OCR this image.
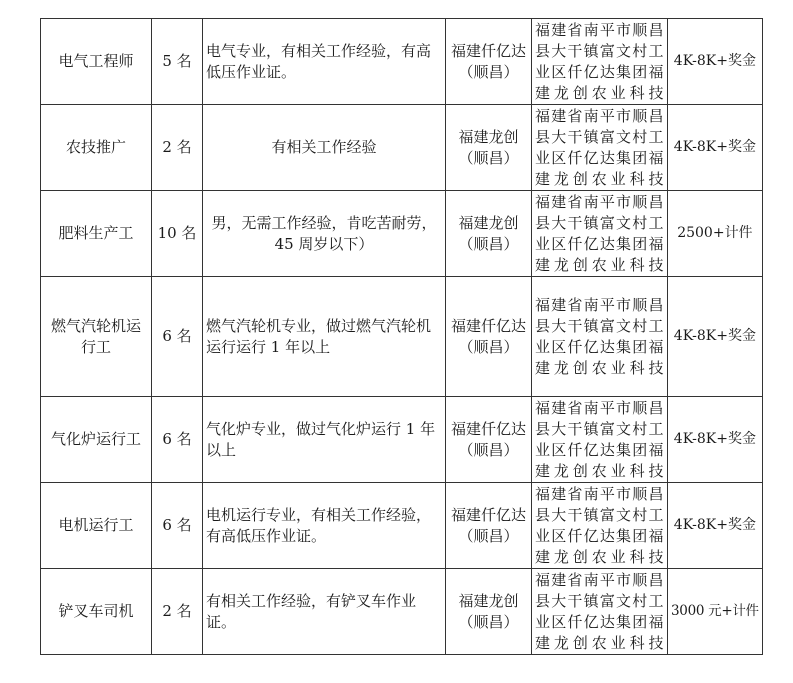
电气工程师	5 名	电气专业，有相关工作经验，有高低压作业证。	福建仟亿达
（顺昌）	福建省南平市顺昌
县大干镇富文村工
业区仟亿达集团福
建龙创农业科技	4K-8K+奖金
农技推广	2 名	有相关工作经验	福建龙创
（顺昌）	福建省南平市顺昌
县大干镇富文村工
业区仟亿达集团福
建龙创农业科技	4K-8K+奖金
肥料生产工	10 名	男，无需工作经验，肯吃苦耐劳，45 周岁以下）	福建龙创
（顺昌）	福建省南平市顺昌
县大干镇富文村工
业区仟亿达集团福
建龙创农业科技	2500+计件
燃气汽轮机运行工	6 名	燃气汽轮机专业，做过燃气汽轮机运行运行 1 年以上	福建仟亿达
（顺昌）	福建省南平市顺昌
县大干镇富文村工
业区仟亿达集团福
建龙创农业科技	4K-8K+奖金
气化炉运行工	6 名	气化炉专业，做过气化炉运行 1 年以上	福建仟亿达
（顺昌）	福建省南平市顺昌
县大干镇富文村工
业区仟亿达集团福
建龙创农业科技	4K-8K+奖金
电机运行工	6 名	电机运行专业，有相关工作经验，有高低压作业证。	福建仟亿达
（顺昌）	福建省南平市顺昌
县大干镇富文村工
业区仟亿达集团福
建龙创农业科技	4K-8K+奖金
铲叉车司机	2 名	有相关工作经验，有铲叉车作业证。	福建龙创
（顺昌）	福建省南平市顺昌
县大干镇富文村工
业区仟亿达集团福
建龙创农业科技	3000 元+计件
